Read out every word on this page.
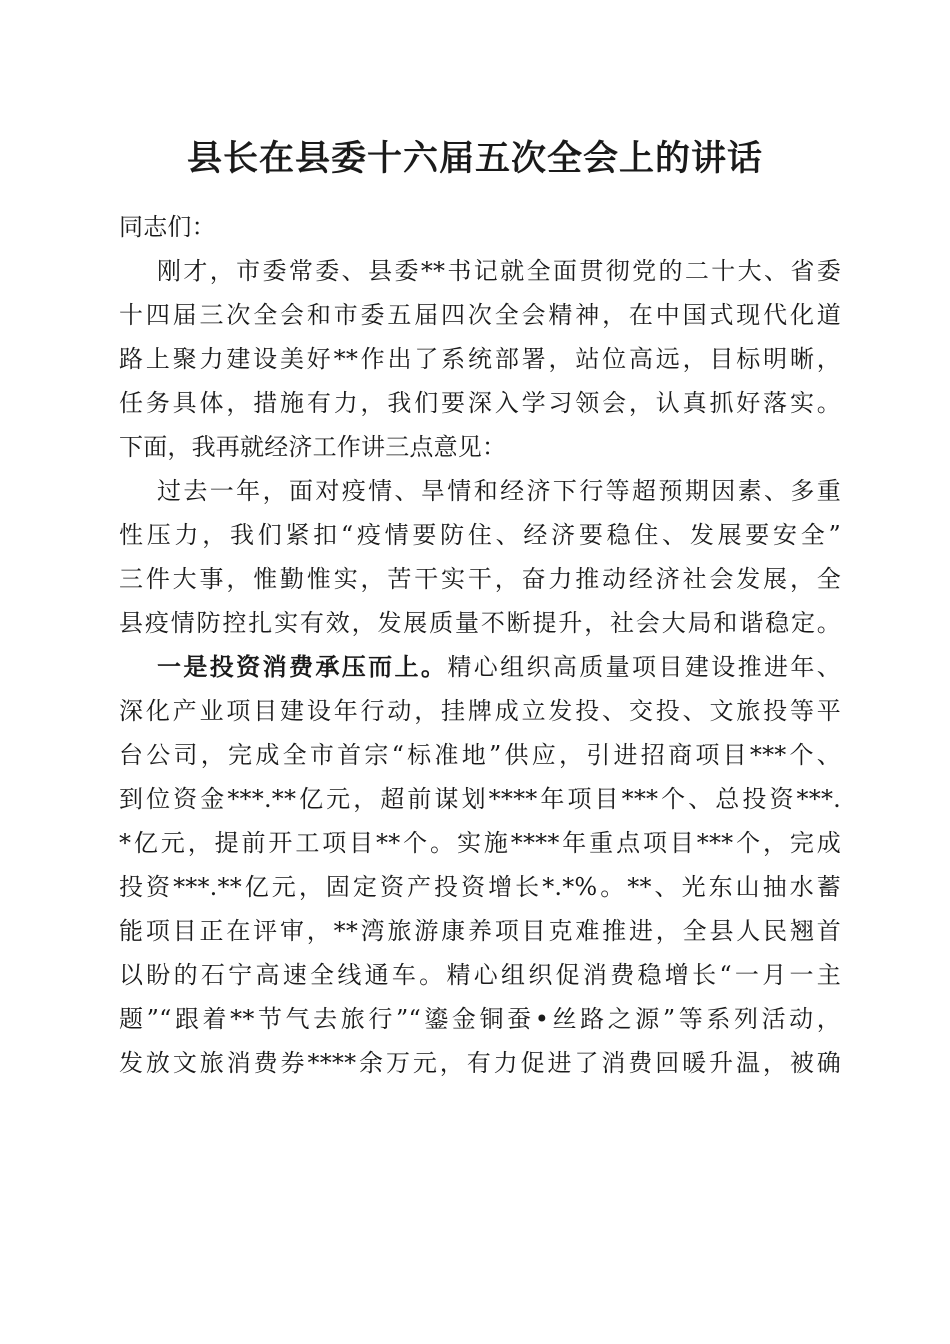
县长在县委十六届五次全会上的讲话
同志们：
刚才，市委常委、县委**书记就全面贯彻党的二十大、省委
十四届三次全会和市委五届四次全会精神，在中国式现代化道
路上聚力建设美好**作出了系统部署，站位高远，目标明晰，
任务具体，措施有力，我们要深入学习领会，认真抓好落实。
下面，我再就经济工作讲三点意见：
过去一年，面对疫情、旱情和经济下行等超预期因素、多重
性压力，我们紧扣“疫情要防住、经济要稳住、发展要安全”
三件大事，惟勤惟实，苦干实干，奋力推动经济社会发展，全
县疫情防控扎实有效，发展质量不断提升，社会大局和谐稳定。
一是投资消费承压而上。精心组织高质量项目建设推进年、
深化产业项目建设年行动，挂牌成立发投、交投、文旅投等平
台公司，完成全市首宗“标准地”供应，引进招商项目***个、
到位资金***.**亿元，超前谋划****年项目***个、总投资***.
*亿元，提前开工项目**个。实施****年重点项目***个，完成
投资***.**亿元，固定资产投资增长*.*%。**、光东山抽水蓄
能项目正在评审，**湾旅游康养项目克难推进，全县人民翘首
以盼的石宁高速全线通车。精心组织促消费稳增长“一月一主
题”“跟着**节气去旅行”“鎏金铜蚕•丝路之源”等系列活动，
发放文旅消费券****余万元，有力促进了消费回暖升温，被确
